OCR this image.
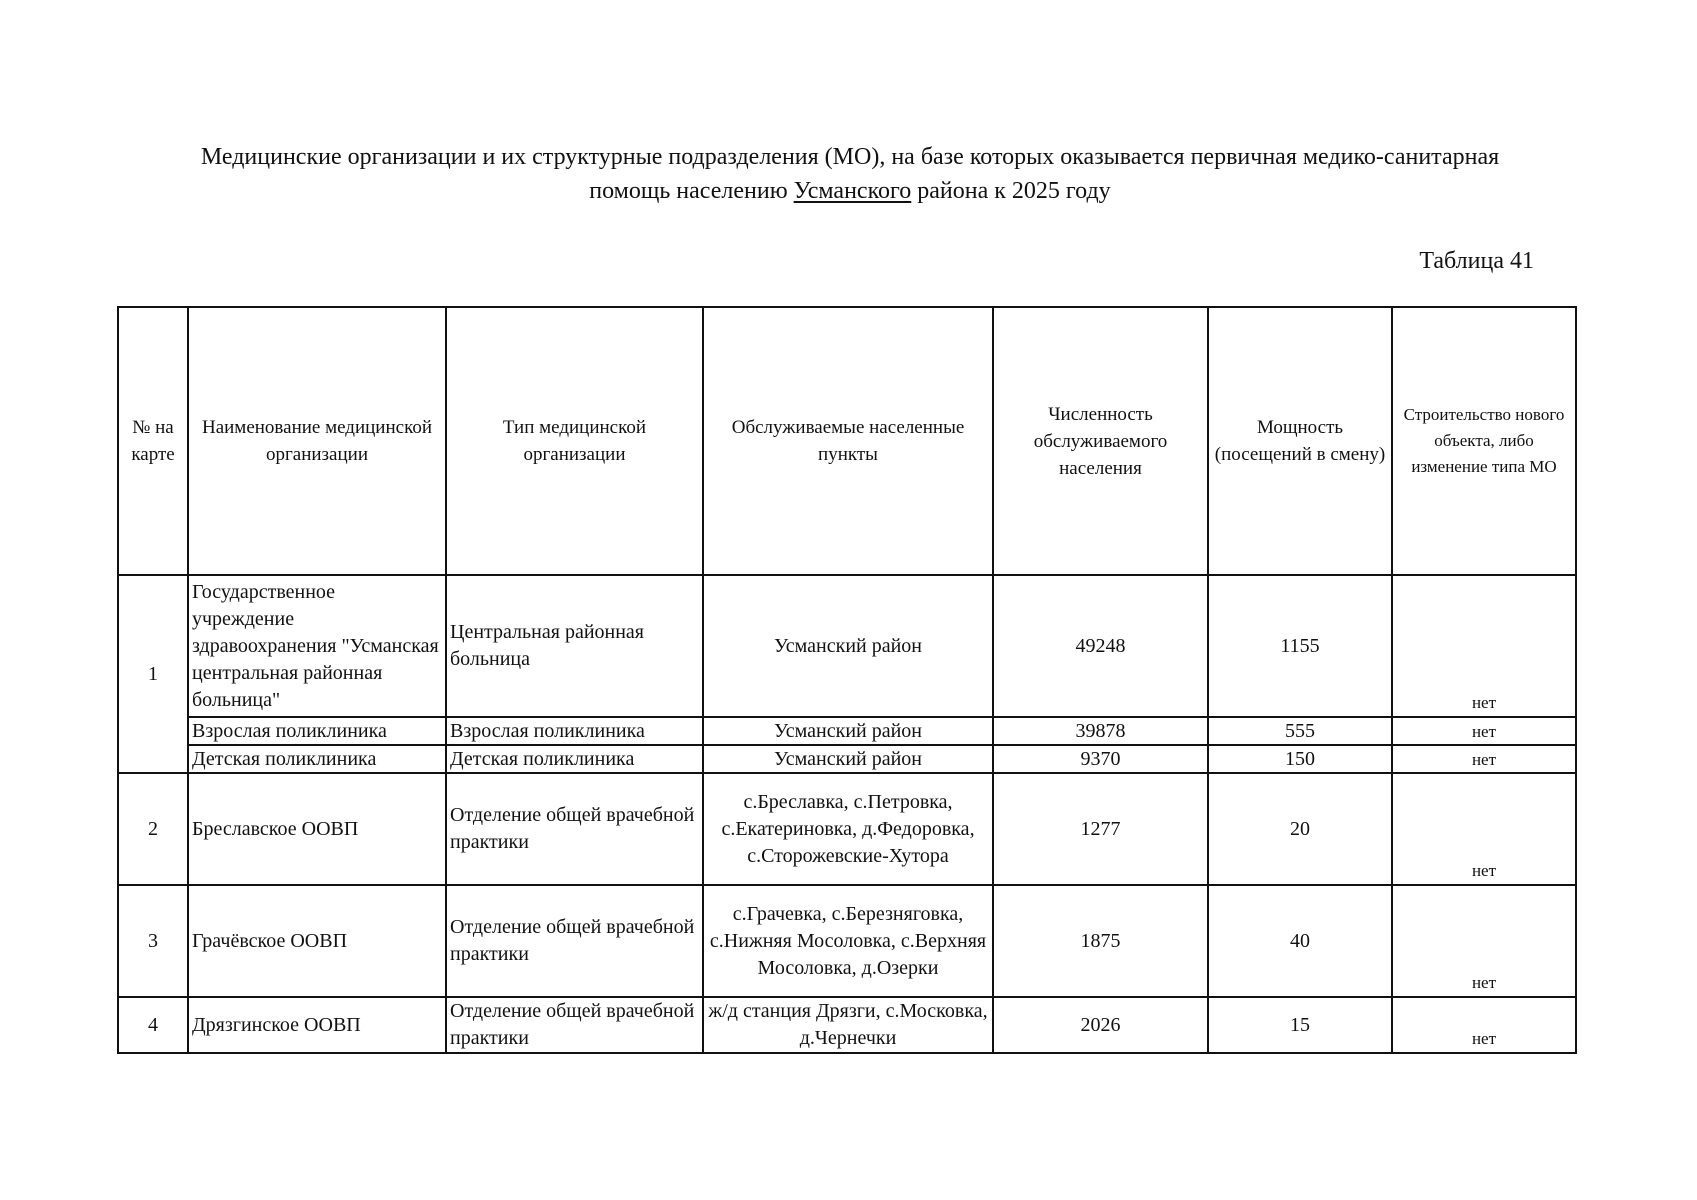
Медицинские организации и их структурные подразделения (МО), на базе которых оказывается первичная медико-санитарная
помощь населению Усманского района к 2025 году
Таблица 41
№ на карте	Наименование медицинской организации	Тип медицинской организации	Обслуживаемые населенные пункты	Численность обслуживаемого населения	Мощность (посещений в смену)	Строительство нового объекта, либо изменение типа МО
1	Государственное учреждение здравоохранения "Усманская центральная районная больница"	Центральная районная больница	Усманский район	49248	1155	нет
	Взрослая поликлиника	Взрослая поликлиника	Усманский район	39878	555	нет
	Детская поликлиника	Детская поликлиника	Усманский район	9370	150	нет
2	Бреславское ООВП	Отделение общей врачебной практики	с.Бреславка, с.Петровка, с.Екатериновка, д.Федоровка, с.Сторожевские-Хутора	1277	20	нет
3	Грачёвское ООВП	Отделение общей врачебной практики	с.Грачевка, с.Березняговка, с.Нижняя Мосоловка, с.Верхняя Мосоловка, д.Озерки	1875	40	нет
4	Дрязгинское ООВП	Отделение общей врачебной практики	ж/д станция Дрязги, с.Московка, д.Чернечки	2026	15	нет
